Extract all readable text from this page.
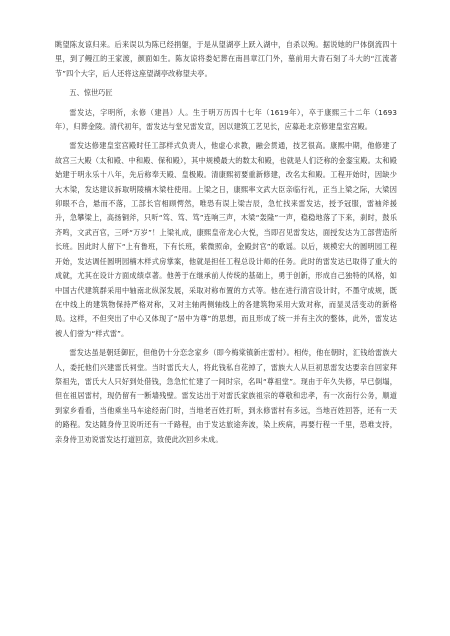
眺望陈友谅归来。后来误以为陈已经捐躯，于是从望湖亭上跃入湖中，自杀以殉。据说她的尸体倒流四十里，到了鳗江的王家渡，颜面如生。陈友谅将娄妃葬在南昌章江门外，墓前用大青石刻了斗大的“江流著节”四个大字，后人还将这座望湖亭改称望夫亭。

五、惊世巧匠

雷发达，字明所，永修（建昌）人。生于明万历四十七年（1619年），卒于康熙三十二年（1693年），归葬金陵。清代初年，雷发达与堂兄雷发宣，因以建筑工艺见长，应募赴北京修建皇室宫殿。

雷发达修建皇室宫殿时任工部样式负责人，他虚心求教，融会贯通，技艺很高。康熙中期，他修建了故宫三大殿（太和殿、中和殿、保和殿），其中规模最大的数太和殿，也就是人们泛称的金銮宝殿。太和殿始建于明永乐十八年，先后称奉天殿、皇极殿。清康熙初要重新修建，改名太和殿。工程开始时，因缺少大木梁，发达建议拆取明陵楠木梁柱使用。上梁之日，康熙率文武大臣亲临行礼，正当上梁之际，大梁因卯眼不合，悬而不落，工部长官相顾愕然，唯恐有误上梁吉辰，急忙找来雷发达，授予冠服，雷袖斧援升，急攀梁上，高扬铜斧，只听“笃、笃、笃”连响三声，木梁“轰隆”一声，稳稳地落了下来，刹时，鼓乐齐鸣，文武百官，三呼“万岁”！上梁礼成，康熙皇帝龙心大悦，当即召见雷发达，面授发达为工部营造所长班。因此时人留下“上有鲁班，下有长班，紫微照命，金殿封官”的歌谣。以后，规模宏大的圆明园工程开始，发达调任圆明园楠木样式房掌案，他就是担任工程总设计师的任务。此时的雷发达已取得了重大的成就，尤其在设计方面成绩卓著。他善于在继承前人传统的基础上，勇于创新，形成自己独特的风格，如中国古代建筑群采用中轴南北纵深发展，采取对称布置的方式等。他在进行清宫设计时，不墨守成规，既在中线上的建筑物保持严格对称，又对主轴两侧轴线上的各建筑物采用大致对称，而显灵活变动的新格局。这样，不但突出了中心又体现了“居中为尊”的思想，而且形成了统一并有主次的整体，此外，雷发达被人们誉为“样式雷”。

雷发达虽是朝廷御匠，但他仍十分恋念家乡（即今梅棠镇新庄雷村）。相传，他在朝时，汇钱给雷族大人，委托他们兴建雷氏祠堂。当时雷氏大人，将此钱私自花掉了，雷族大人从巨初思雷发达要亲自回家拜祭祖先，雷氏大人只好到处借钱，急急忙忙建了一间时宗，名叫“尊祖堂”。现由于年久失修，早已倒塌，但在祖居雷村，现仍留有一断墙残壁。雷发达出于对雷氏家族祖宗的尊敬和忠孝，有一次南行公务，顺道到家乡看看，当他乘坐马车途经南门时，当地老百姓打听，到永修雷村有多远，当地百姓回答，还有一天的路程。发达随身侍卫说听还有一千路程，由于发达旅途奔波，染上疾病，再要行程一千里，恐难支持，亲身侍卫劝说雷发达打道回京，致使此次回乡未成。
